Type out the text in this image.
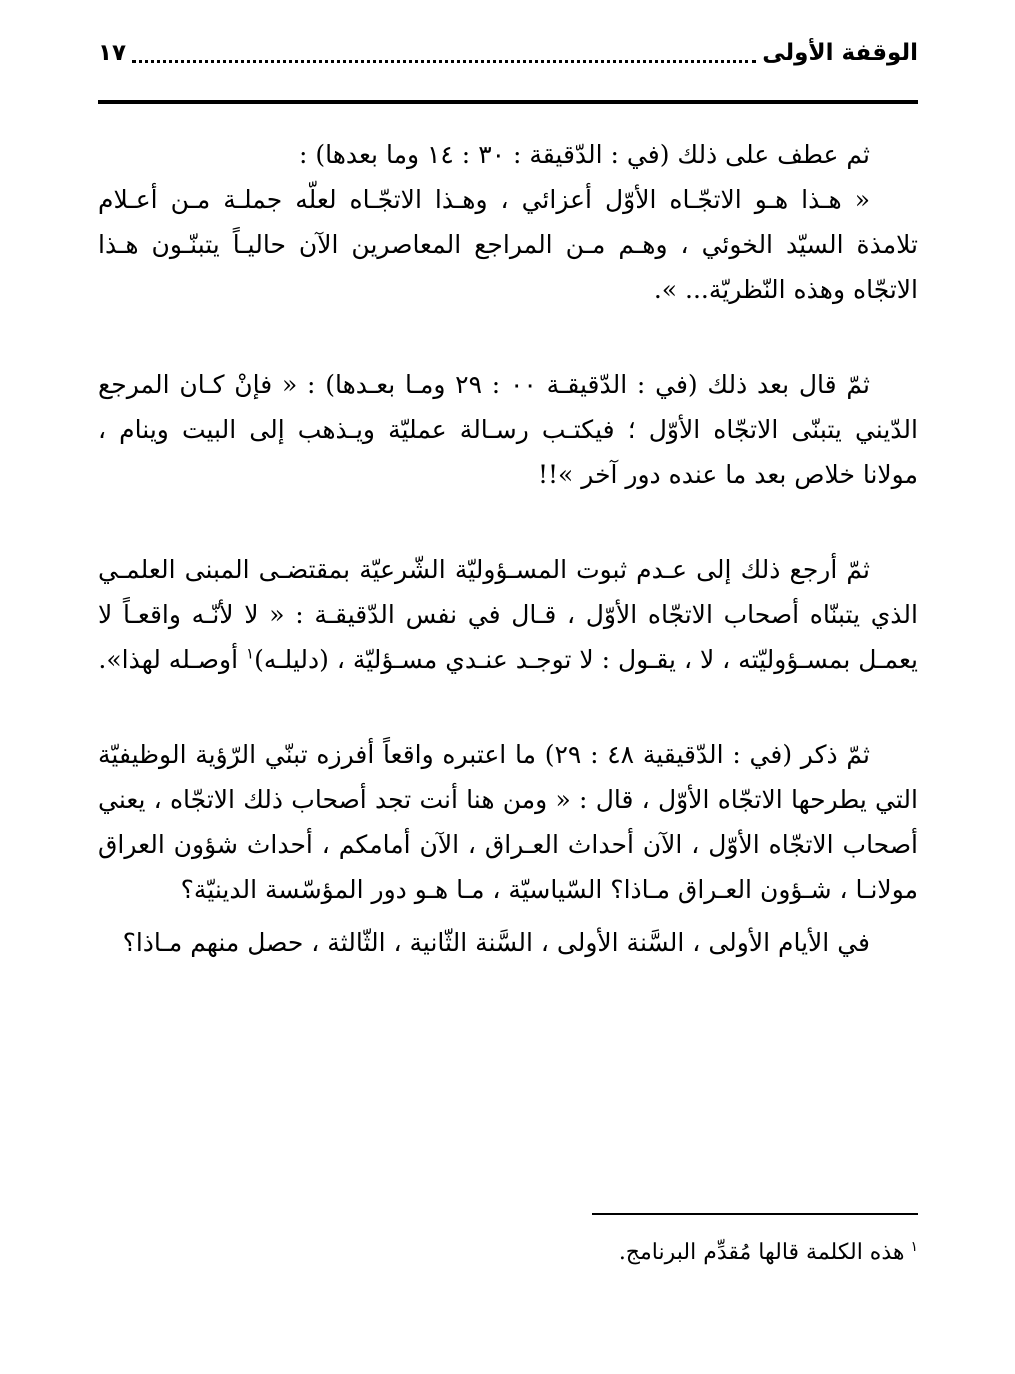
الوقفة الأولى
١٧

ثم عطف على ذلك (في : الدّقيقة : ٣٠ : ١٤ وما بعدها) :

« هـذا هـو الاتجّـاه الأوّل أعزائي ، وهـذا الاتجّـاه لعلّه جملـة مـن أعـلام تلامذة السيّد الخوئي ، وهـم مـن المراجع المعاصرين الآن حاليـاً يتبنّـون هـذا الاتجّاه وهذه النّظريّة... ».

ثمّ قال بعد ذلك (في : الدّقيقـة ٠٠ : ٢٩ ومـا بعـدها) : « فإنْ كـان المرجع الدّيني يتبنّى الاتجّاه الأوّل ؛ فيكتـب رسـالة عمليّة ويـذهب إلى البيت وينام ، مولانا خلاص بعد ما عنده دور آخر »!!

ثمّ أرجع ذلك إلى عـدم ثبوت المسـؤوليّة الشّرعيّة بمقتضـى المبنى العلمـي الذي يتبنّاه أصحاب الاتجّاه الأوّل ، قـال في نفس الدّقيقـة : « لا لأنّـه واقعـاً لا يعمـل بمسـؤوليّته ، لا ، يقـول : لا توجـد عنـدي مسـؤليّة ، (دليلـه)$^١$ أوصـله لهذا».

ثمّ ذكر (في : الدّقيقية ٤٨ : ٢٩) ما اعتبره واقعاً أفرزه تبنّي الرّؤية الوظيفيّة التي يطرحها الاتجّاه الأوّل ، قال : « ومن هنا أنت تجد أصحاب ذلك الاتجّاه ، يعني أصحاب الاتجّاه الأوّل ، الآن أحداث العـراق ، الآن أمامكم ، أحداث شؤون العراق مولانـا ، شـؤون العـراق مـاذا؟ السّياسيّة ، مـا هـو دور المؤسّسة الدينيّة؟

في الأيام الأولى ، السَّنة الأولى ، السَّنة الثّانية ، الثّالثة ، حصل منهم مـاذا؟

$^١$هذه الكلمة قالها مُقدِّم البرنامج.
